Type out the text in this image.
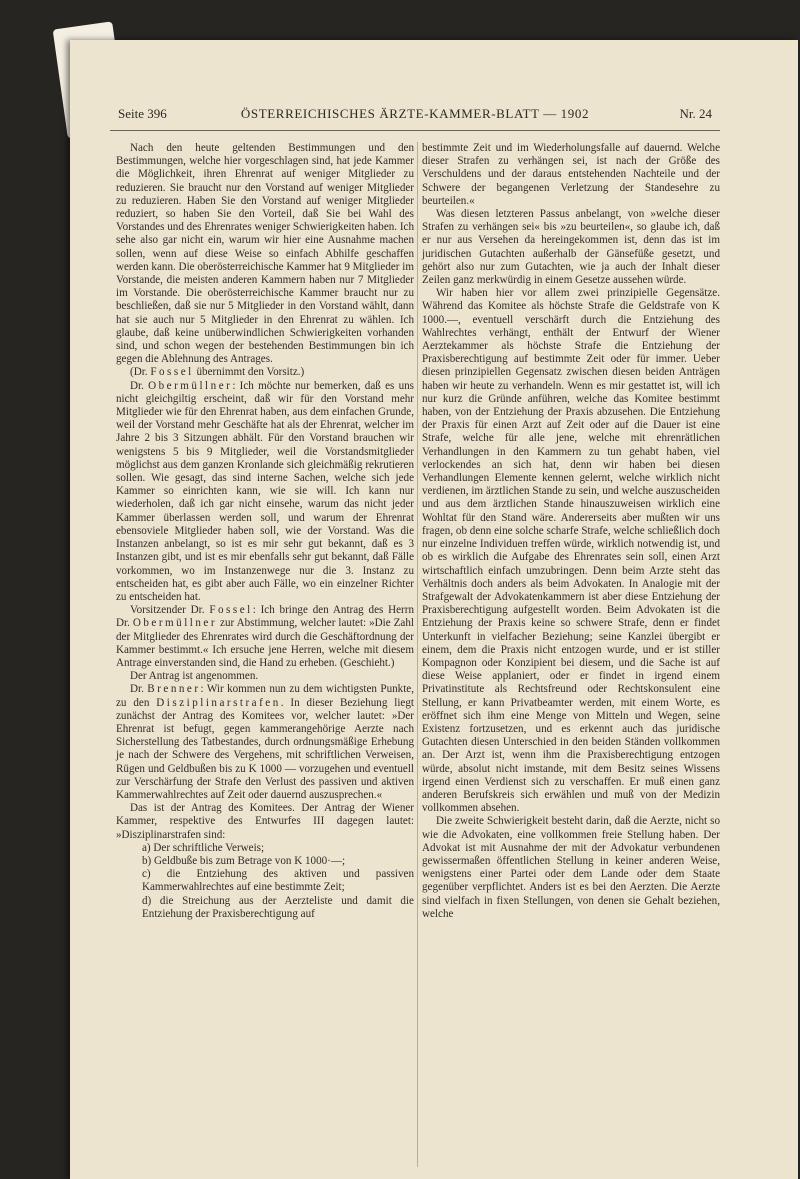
Seite 396	ÖSTERREICHISCHES ÄRZTE-KAMMER-BLATT — 1902	Nr. 24

Nach den heute geltenden Bestimmungen und den Bestimmungen, welche hier vorgeschlagen sind, hat jede Kammer die Möglichkeit, ihren Ehrenrat auf weniger Mitglieder zu reduzieren. Sie braucht nur den Vorstand auf weniger Mitglieder zu reduzieren. Haben Sie den Vorstand auf weniger Mitglieder reduziert, so haben Sie den Vorteil, daß Sie bei Wahl des Vorstandes und des Ehrenrates weniger Schwierigkeiten haben. Ich sehe also gar nicht ein, warum wir hier eine Ausnahme machen sollen, wenn auf diese Weise so einfach Abhilfe geschaffen werden kann. Die oberösterreichische Kammer hat 9 Mitglieder im Vorstande, die meisten anderen Kammern haben nur 7 Mitglieder im Vorstande. Die oberösterreichische Kammer braucht nur zu beschließen, daß sie nur 5 Mitglieder in den Vorstand wählt, dann hat sie auch nur 5 Mitglieder in den Ehrenrat zu wählen. Ich glaube, daß keine unüberwindlichen Schwierigkeiten vorhanden sind, und schon wegen der bestehenden Bestimmungen bin ich gegen die Ablehnung des Antrages.

(Dr. Fossel übernimmt den Vorsitz.)

Dr. Obermüllner: Ich möchte nur bemerken, daß es uns nicht gleichgiltig erscheint, daß wir für den Vorstand mehr Mitglieder wie für den Ehrenrat haben, aus dem einfachen Grunde, weil der Vorstand mehr Geschäfte hat als der Ehrenrat, welcher im Jahre 2 bis 3 Sitzungen abhält. Für den Vorstand brauchen wir wenigstens 5 bis 9 Mitglieder, weil die Vorstandsmitglieder möglichst aus dem ganzen Kronlande sich gleichmäßig rekrutieren sollen. Wie gesagt, das sind interne Sachen, welche sich jede Kammer so einrichten kann, wie sie will. Ich kann nur wiederholen, daß ich gar nicht einsehe, warum das nicht jeder Kammer überlassen werden soll, und warum der Ehrenrat ebensoviele Mitglieder haben soll, wie der Vorstand. Was die Instanzen anbelangt, so ist es mir sehr gut bekannt, daß es 3 Instanzen gibt, und ist es mir ebenfalls sehr gut bekannt, daß Fälle vorkommen, wo im Instanzenwege nur die 3. Instanz zu entscheiden hat, es gibt aber auch Fälle, wo ein einzelner Richter zu entscheiden hat.

Vorsitzender Dr. Fossel: Ich bringe den Antrag des Herrn Dr. Obermüllner zur Abstimmung, welcher lautet: »Die Zahl der Mitglieder des Ehrenrates wird durch die Geschäftordnung der Kammer bestimmt.« Ich ersuche jene Herren, welche mit diesem Antrage einverstanden sind, die Hand zu erheben. (Geschieht.)

Der Antrag ist angenommen.

Dr. Brenner: Wir kommen nun zu dem wichtigsten Punkte, zu den Disziplinarstrafen. In dieser Beziehung liegt zunächst der Antrag des Komitees vor, welcher lautet: »Der Ehrenrat ist befugt, gegen kammerangehörige Aerzte nach Sicherstellung des Tatbestandes, durch ordnungsmäßige Erhebung je nach der Schwere des Vergehens, mit schriftlichen Verweisen, Rügen und Geldbußen bis zu K 1000 — vorzugehen und eventuell zur Verschärfung der Strafe den Verlust des passiven und aktiven Kammerwahlrechtes auf Zeit oder dauernd auszusprechen.«

Das ist der Antrag des Komitees. Der Antrag der Wiener Kammer, respektive des Entwurfes III dagegen lautet: »Disziplinarstrafen sind:

a) Der schriftliche Verweis;
b) Geldbuße bis zum Betrage von K 1000·—;
c) die Entziehung des aktiven und passiven Kammerwahlrechtes auf eine bestimmte Zeit;
d) die Streichung aus der Aerzteliste und damit die Entziehung der Praxisberechtigung auf

bestimmte Zeit und im Wiederholungsfalle auf dauernd. Welche dieser Strafen zu verhängen sei, ist nach der Größe des Verschuldens und der daraus entstehenden Nachteile und der Schwere der begangenen Verletzung der Standesehre zu beurteilen.«

Was diesen letzteren Passus anbelangt, von »welche dieser Strafen zu verhängen sei« bis »zu beurteilen«, so glaube ich, daß er nur aus Versehen da hereingekommen ist, denn das ist im juridischen Gutachten außerhalb der Gänsefüße gesetzt, und gehört also nur zum Gutachten, wie ja auch der Inhalt dieser Zeilen ganz merkwürdig in einem Gesetze aussehen würde.

Wir haben hier vor allem zwei prinzipielle Gegensätze. Während das Komitee als höchste Strafe die Geldstrafe von K 1000.—, eventuell verschärft durch die Entziehung des Wahlrechtes verhängt, enthält der Entwurf der Wiener Aerztekammer als höchste Strafe die Entziehung der Praxisberechtigung auf bestimmte Zeit oder für immer. Ueber diesen prinzipiellen Gegensatz zwischen diesen beiden Anträgen haben wir heute zu verhandeln. Wenn es mir gestattet ist, will ich nur kurz die Gründe anführen, welche das Komitee bestimmt haben, von der Entziehung der Praxis abzusehen. Die Entziehung der Praxis für einen Arzt auf Zeit oder auf die Dauer ist eine Strafe, welche für alle jene, welche mit ehrenrätlichen Verhandlungen in den Kammern zu tun gehabt haben, viel verlockendes an sich hat, denn wir haben bei diesen Verhandlungen Elemente kennen gelernt, welche wirklich nicht verdienen, im ärztlichen Stande zu sein, und welche auszuscheiden und aus dem ärztlichen Stande hinauszuweisen wirklich eine Wohltat für den Stand wäre. Andererseits aber mußten wir uns fragen, ob denn eine solche scharfe Strafe, welche schließlich doch nur einzelne Individuen treffen würde, wirklich notwendig ist, und ob es wirklich die Aufgabe des Ehrenrates sein soll, einen Arzt wirtschaftlich einfach umzubringen. Denn beim Arzte steht das Verhältnis doch anders als beim Advokaten. In Analogie mit der Strafgewalt der Advokatenkammern ist aber diese Entziehung der Praxisberechtigung aufgestellt worden. Beim Advokaten ist die Entziehung der Praxis keine so schwere Strafe, denn er findet Unterkunft in vielfacher Beziehung; seine Kanzlei übergibt er einem, dem die Praxis nicht entzogen wurde, und er ist stiller Kompagnon oder Konzipient bei diesem, und die Sache ist auf diese Weise applaniert, oder er findet in irgend einem Privatinstitute als Rechtsfreund oder Rechtskonsulent eine Stellung, er kann Privatbeamter werden, mit einem Worte, es eröffnet sich ihm eine Menge von Mitteln und Wegen, seine Existenz fortzusetzen, und es erkennt auch das juridische Gutachten diesen Unterschied in den beiden Ständen vollkommen an. Der Arzt ist, wenn ihm die Praxisberechtigung entzogen würde, absolut nicht imstande, mit dem Besitz seines Wissens irgend einen Verdienst sich zu verschaffen. Er muß einen ganz anderen Berufskreis sich erwählen und muß von der Medizin vollkommen absehen.

Die zweite Schwierigkeit besteht darin, daß die Aerzte, nicht so wie die Advokaten, eine vollkommen freie Stellung haben. Der Advokat ist mit Ausnahme der mit der Advokatur verbundenen gewissermaßen öffentlichen Stellung in keiner anderen Weise, wenigstens einer Partei oder dem Lande oder dem Staate gegenüber verpflichtet. Anders ist es bei den Aerzten. Die Aerzte sind vielfach in fixen Stellungen, von denen sie Gehalt beziehen, welche
